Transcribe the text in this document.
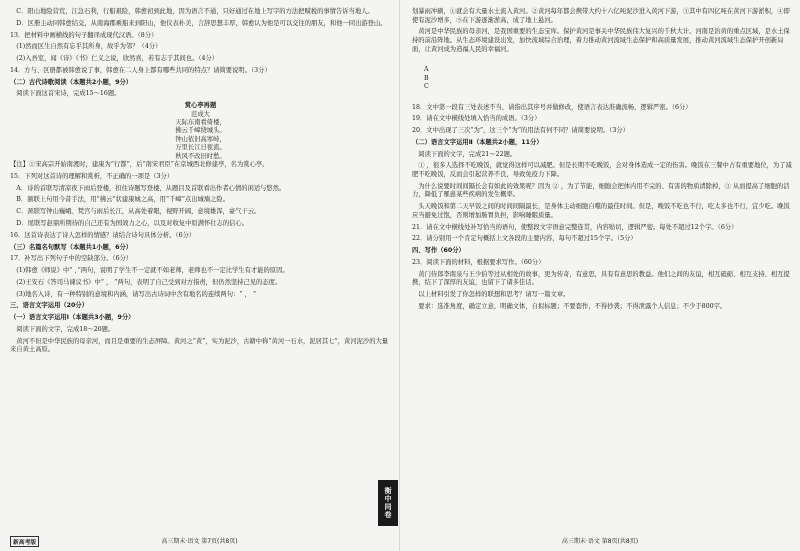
C．阳山地险营荒，江急石利，行船艰险，韩愈初到此地，因为语言不通，只好通过在地上写字的方法把赋税的事情告诉当地人。

D．区册主动同韩愈结交，从南海郡乘船来到阳山，他仪表朴美，言辞思想丰厚，韩愈认为他是可以交往的朋友，和他一同出游登山。

13．把材料中画横线的句子翻译成现代汉语。（8分）

(1)然而区生自然有忘乎其所身，故乎为邻？（4分）

(2)入吾室，闻《诗》《书》仁义之说，欣然喜，若有志于其间也。（4分）

14．方与、区册都被韩愈说了事，韩愈在二人身上都有哪些共同的特点？请简要说明。（3分）

（二）古代诗歌阅读（本题共2小题，9分）

阅读下面这首宋诗，完成15～16题。

赏心亭再题

范成大

天际东南看倚楼，

拂云千嶂绕城头。

钟山依旧高寒峙，

万里长江日夜流。

秋风不改旧时愁。

【注】①宋高宗开始南渡时，建康为“行都”，后“南宋君臣”在京城西北修建亭，名为赏心亭。

15．下列对这首诗的理解和赏析，不正确的一项是（3分）

A．诗的首联写清凉夜下雨后登楼，扣住诗题写登楼，从题目及首联看出作者心情的闲适与悠然。

B．颔联上句用今昔手法，用“拂云”状建康城之高，用“千嶂”点出城墙之险。

C．颈联写钟山巍峨、梵宫与雨后长江，从高处着眼，视野开阔，意境雄浑，豪气干云。

D．尾联写赵鼎所期待的自己还有为国效力之心，以及对收复中原满怀壮志的信心。

16．这首诗表达了诗人怎样的情感？请结合诗句具体分析。（6分）

（三）名篇名句默写（本题共1小题，6分）

17．补写出下列句子中的空缺部分。（6分）

(1)韩愈《师说》中“ ，”两句，说明了学生不一定就不如老师，老师也不一定比学生有才能的原因。

(2)王安石《答司马谏议书》中“ ， ”两句，表明了自己受到对方指责，但仍然坚持己见的态度。

(3)地名入诗，有一种特别的意境和内涵，请写出古诗词中含有地名的连续两句：“ ， ”

三、语言文字运用（20分）

（一）语言文字运用Ⅰ（本题共3小题，9分）

阅读下面的文字，完成18～20题。

黄河不但是中华民族的母亲河，而且是重要的生态屏障。黄河之“黄”，实为泥沙，古籍中称“黄河一石水，泥居其七”，黄河泥沙的大量来自黄土高原。

新高考版	高三期末·语文 第7页(共8页)
衡中同卷

划暴雨冲刷，①就会有大量水土流入黄河。②黄河每年都会携带大约十六亿吨泥沙进入黄河下游，③其中有四亿吨在黄河下游淤积，④即使有泥沙增多，⑤在下游逐渐淤高，成了地上悬河。

黄河是中华民族的母亲河，是我国重要的生态宝库。保护黄河是事关中华民族伟大复兴的千秋大计。河南是治黄的重点区域，是水土保持的前沿阵地。从生态环境建设出发，加快流域综合治理，着力推动黄河流域生态保护和高质量发展，推动黄河流域生态保护开创新局面，让黄河成为造福人民的幸福河。

A
B
C

18．文中第一段有三处表述不当，请指出其序号并做修改，使语言表达准确流畅，逻辑严密。（6分）

19．请在文中横线处填入恰当的成语。（3分）

20．文中出现了三次“为”，这三个“为”的用法有何不同？请简要说明。（3分）

（二）语言文字运用Ⅱ（本题共2小题，11分）

阅读下面的文字，完成21～22题。

① ，很多人选择不吃晚饭，就觉得这样可以减肥。但是长期不吃晚饭，会对身体造成一定的伤害。晚饭在三餐中占有重要地位，为了减肥不吃晚饭，反而会引起营养不良，导致免疫力下降。

为什么说要时间间隔长会有如此的效果呢？因为 ② ，为了节能，细胞会把体内用不完的、有害的物质清除掉，③ 从而提高了细胞的活力，降低了罹患某些疾病的发生概率。

头天晚饭和第二天早饭之间的时间间隔最长，是身体主动细胞自噬的最佳时间。但是，晚饭不吃也不行，吃太多也不行，宜少吃。晚饭应当避免过饱，否则增加肠胃负担，影响睡眠质量。

21．请在文中横线处补写恰当的语句，使整段文字语意完整连贯，内容贴切，逻辑严密。每处不超过12个字。（6分）

22．请分别用一个肯定句概括上文各段的主要内容，每句不超过15个字。（5分）

四、写作（60分）

23．阅读下面的材料，根据要求写作。（60分）

黄门侍郎李南泉与王少伯等过从相处的故事，更为传奇，有意思，具有有意思的教益。他们之间的友谊，相互砥砺、相互支持、相互提携，结下了深厚的友谊，也留下了诸多佳话。

以上材料引发了你怎样的联想和思考？请写一篇文章。

要求：选准角度，确定立意，明确文体，自拟标题；不要套作，不得抄袭；不得泄露个人信息；不少于800字。

高三期末·语文 第8页(共8页)
